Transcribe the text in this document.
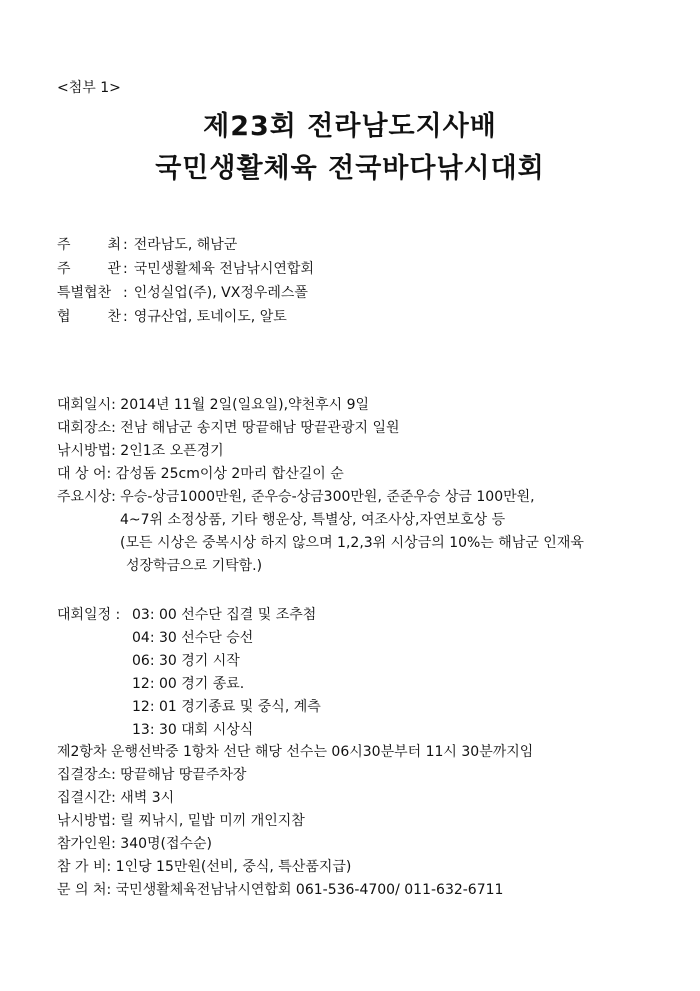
<첨부 1>
제23회 전라남도지사배
국민생활체육 전국바다낚시대회
주 최 : 전라남도, 해남군
주 관 : 국민생활체육 전남낚시연합회
특별협찬 : 인성실업(주), VX정우레스폴
협 찬 : 영규산업, 토네이도, 알토
대회일시: 2014년 11월 2일(일요일),약천후시 9일
대회장소: 전남 해남군 송지면 땅끝해남 땅끝관광지 일원
낚시방법: 2인1조 오픈경기
대 상 어: 감성돔 25cm이상 2마리 합산길이 순
주요시상: 우승-상금1000만원, 준우승-상금300만원, 준준우승 상금 100만원,
4~7위 소정상품, 기타 행운상, 특별상, 여조사상,자연보호상 등
(모든 시상은 중복시상 하지 않으며 1,2,3위 시상금의 10%는 해남군 인재육
성장학금으로 기탁함.)
대회일정 : 03: 00 선수단 집결 및 조추첨
04: 30 선수단 승선
06: 30 경기 시작
12: 00 경기 종료.
12: 01 경기종료 및 중식, 계측
13: 30 대회 시상식
제2항차 운행선박중 1항차 선단 해당 선수는 06시30분부터 11시 30분까지임
집결장소: 땅끝해남 땅끝주차장
집결시간: 새벽 3시
낚시방법: 릴 찌낚시, 밑밥 미끼 개인지참
참가인원: 340명(접수순)
참 가 비: 1인당 15만원(선비, 중식, 특산품지급)
문 의 처: 국민생활체육전남낚시연합회 061-536-4700/ 011-632-6711
